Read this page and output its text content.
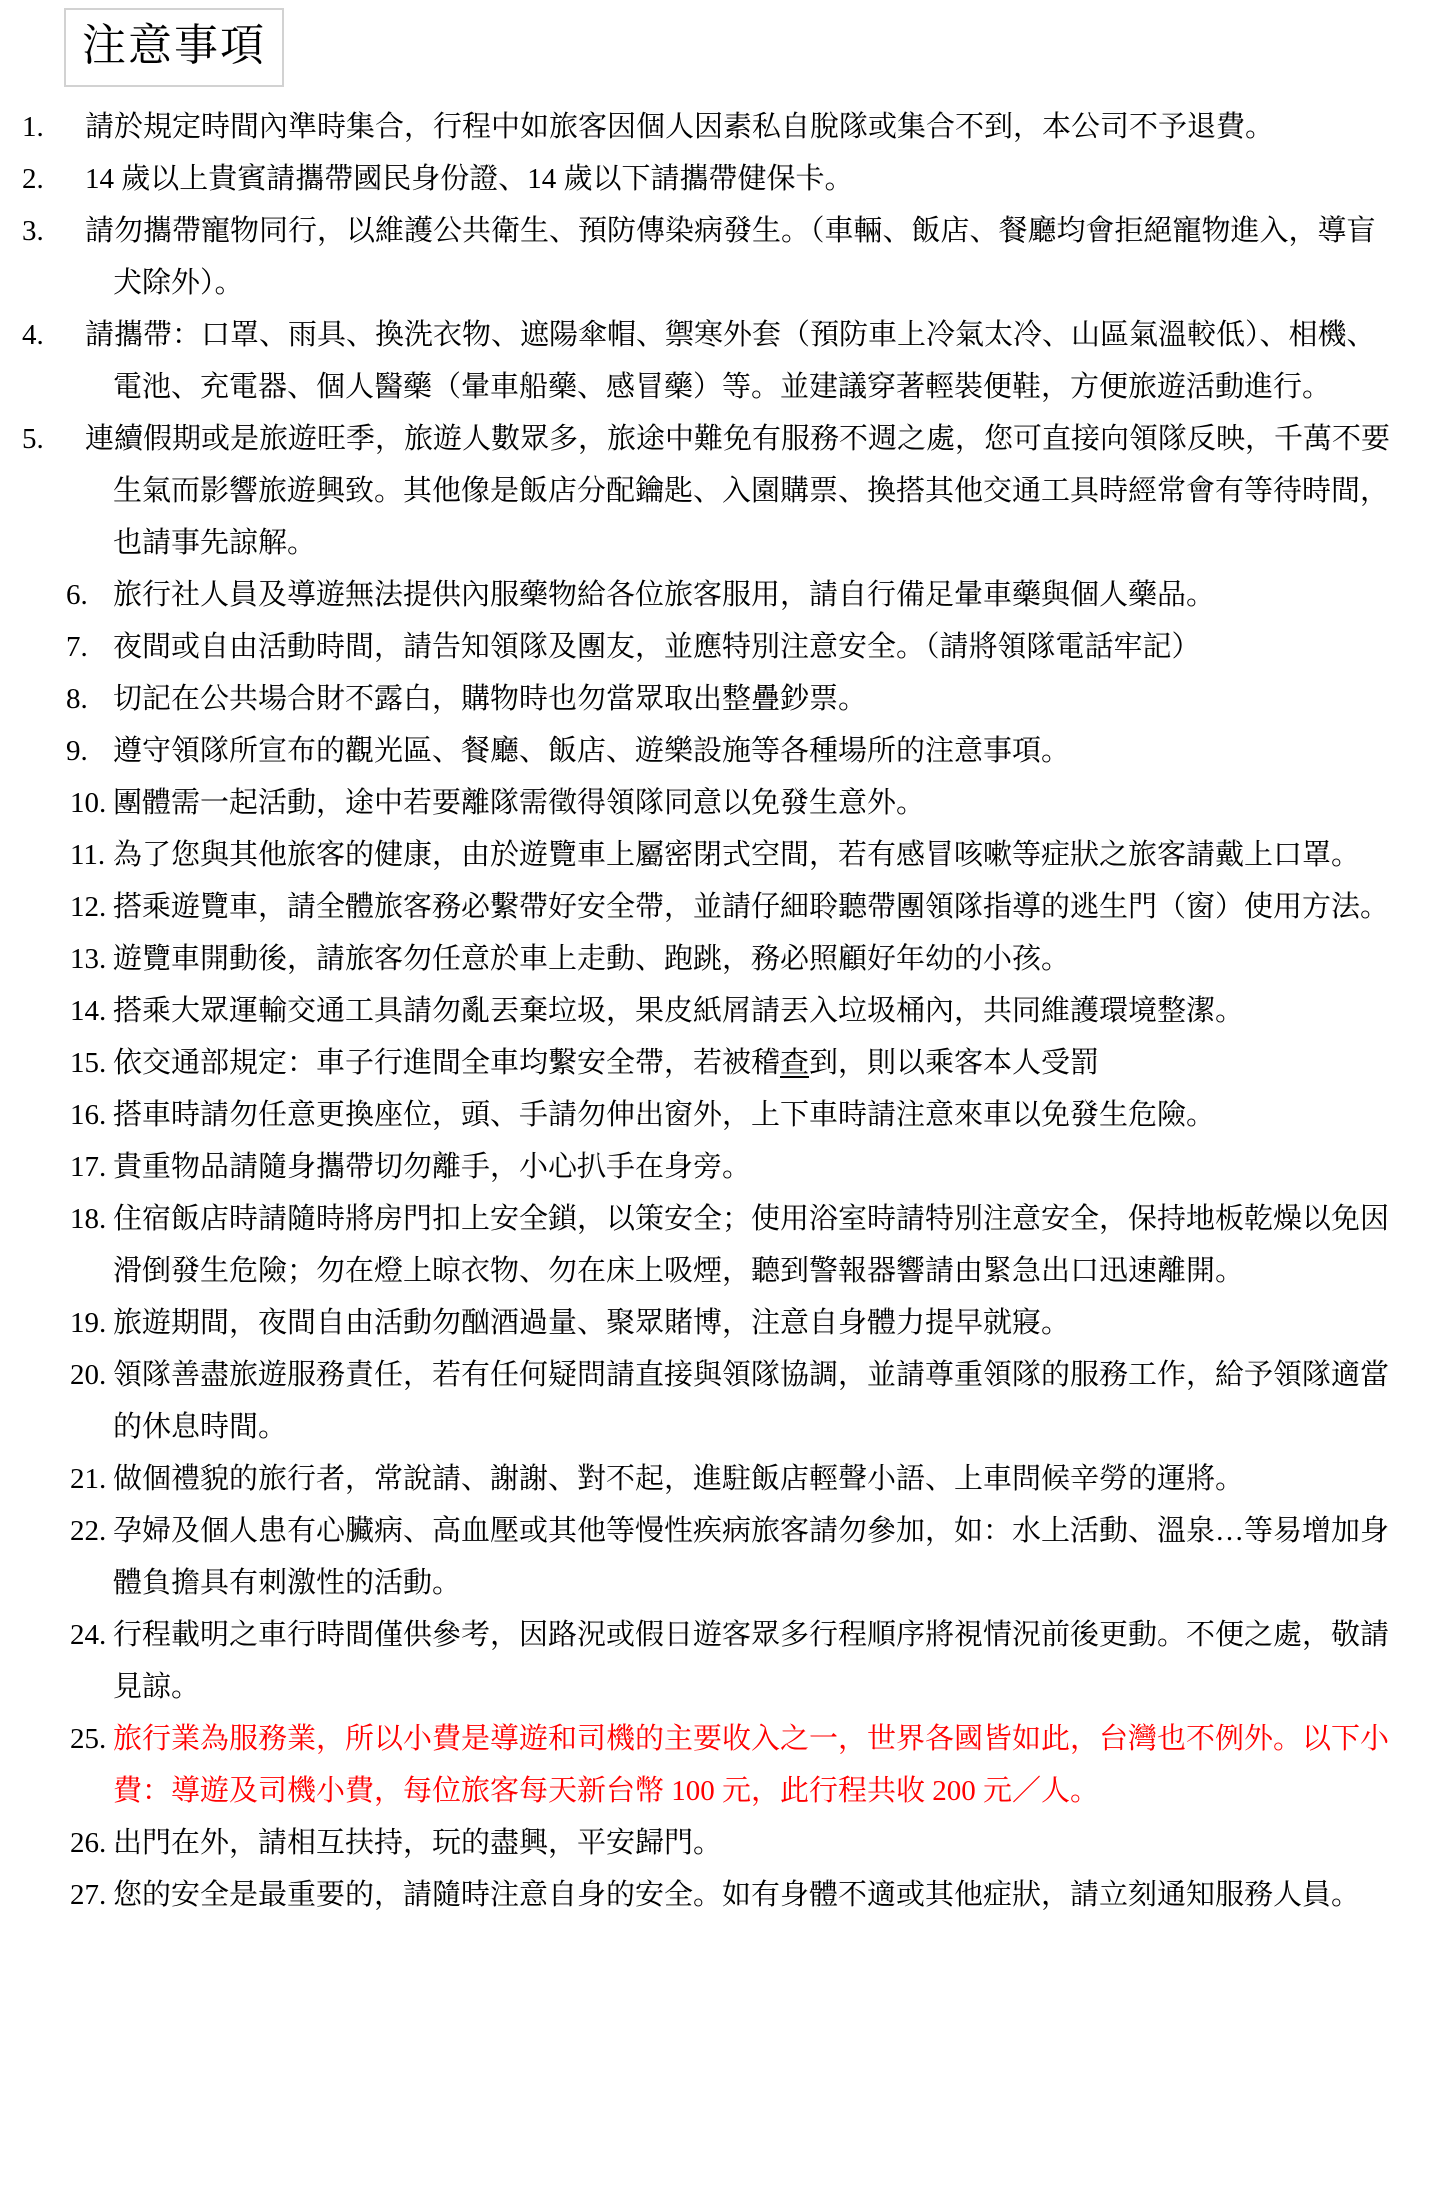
注意事項
1. 請於規定時間內準時集合，行程中如旅客因個人因素私自脫隊或集合不到，本公司不予退費。
2. 14 歲以上貴賓請攜帶國民身份證、14 歲以下請攜帶健保卡。
3. 請勿攜帶寵物同行，以維護公共衛生、預防傳染病發生。（車輛、飯店、餐廳均會拒絕寵物進入，導盲犬除外）。
4. 請攜帶：口罩、雨具、換洗衣物、遮陽傘帽、禦寒外套（預防車上冷氣太冷、山區氣溫較低）、相機、電池、充電器、個人醫藥（暈車船藥、感冒藥）等。並建議穿著輕裝便鞋，方便旅遊活動進行。
5. 連續假期或是旅遊旺季，旅遊人數眾多，旅途中難免有服務不週之處，您可直接向領隊反映，千萬不要生氣而影響旅遊興致。其他像是飯店分配鑰匙、入園購票、換搭其他交通工具時經常會有等待時間，也請事先諒解。
6. 旅行社人員及導遊無法提供內服藥物給各位旅客服用，請自行備足暈車藥與個人藥品。
7. 夜間或自由活動時間，請告知領隊及團友，並應特別注意安全。（請將領隊電話牢記）
8. 切記在公共場合財不露白，購物時也勿當眾取出整疊鈔票。
9. 遵守領隊所宣布的觀光區、餐廳、飯店、遊樂設施等各種場所的注意事項。
10. 團體需一起活動，途中若要離隊需徵得領隊同意以免發生意外。
11. 為了您與其他旅客的健康，由於遊覽車上屬密閉式空間，若有感冒咳嗽等症狀之旅客請戴上口罩。
12. 搭乘遊覽車，請全體旅客務必繫帶好安全帶，並請仔細聆聽帶團領隊指導的逃生門（窗）使用方法。
13. 遊覽車開動後，請旅客勿任意於車上走動、跑跳，務必照顧好年幼的小孩。
14. 搭乘大眾運輸交通工具請勿亂丟棄垃圾，果皮紙屑請丟入垃圾桶內，共同維護環境整潔。
15. 依交通部規定：車子行進間全車均繫安全帶，若被稽查到，則以乘客本人受罰
16. 搭車時請勿任意更換座位，頭、手請勿伸出窗外，上下車時請注意來車以免發生危險。
17. 貴重物品請隨身攜帶切勿離手，小心扒手在身旁。
18. 住宿飯店時請隨時將房門扣上安全鎖，以策安全；使用浴室時請特別注意安全，保持地板乾燥以免因滑倒發生危險；勿在燈上晾衣物、勿在床上吸煙，聽到警報器響請由緊急出口迅速離開。
19. 旅遊期間，夜間自由活動勿酗酒過量、聚眾賭博，注意自身體力提早就寢。
20. 領隊善盡旅遊服務責任，若有任何疑問請直接與領隊協調，並請尊重領隊的服務工作，給予領隊適當的休息時間。
21. 做個禮貌的旅行者，常說請、謝謝、對不起，進駐飯店輕聲小語、上車問候辛勞的運將。
22. 孕婦及個人患有心臟病、高血壓或其他等慢性疾病旅客請勿參加，如：水上活動、溫泉…等易增加身體負擔具有刺激性的活動。
24. 行程載明之車行時間僅供參考，因路況或假日遊客眾多行程順序將視情況前後更動。不便之處，敬請見諒。
25. 旅行業為服務業，所以小費是導遊和司機的主要收入之一，世界各國皆如此，台灣也不例外。以下小費：導遊及司機小費，每位旅客每天新台幣 100 元，此行程共收 200 元／人。
26. 出門在外，請相互扶持，玩的盡興，平安歸門。
27. 您的安全是最重要的，請隨時注意自身的安全。如有身體不適或其他症狀，請立刻通知服務人員。
